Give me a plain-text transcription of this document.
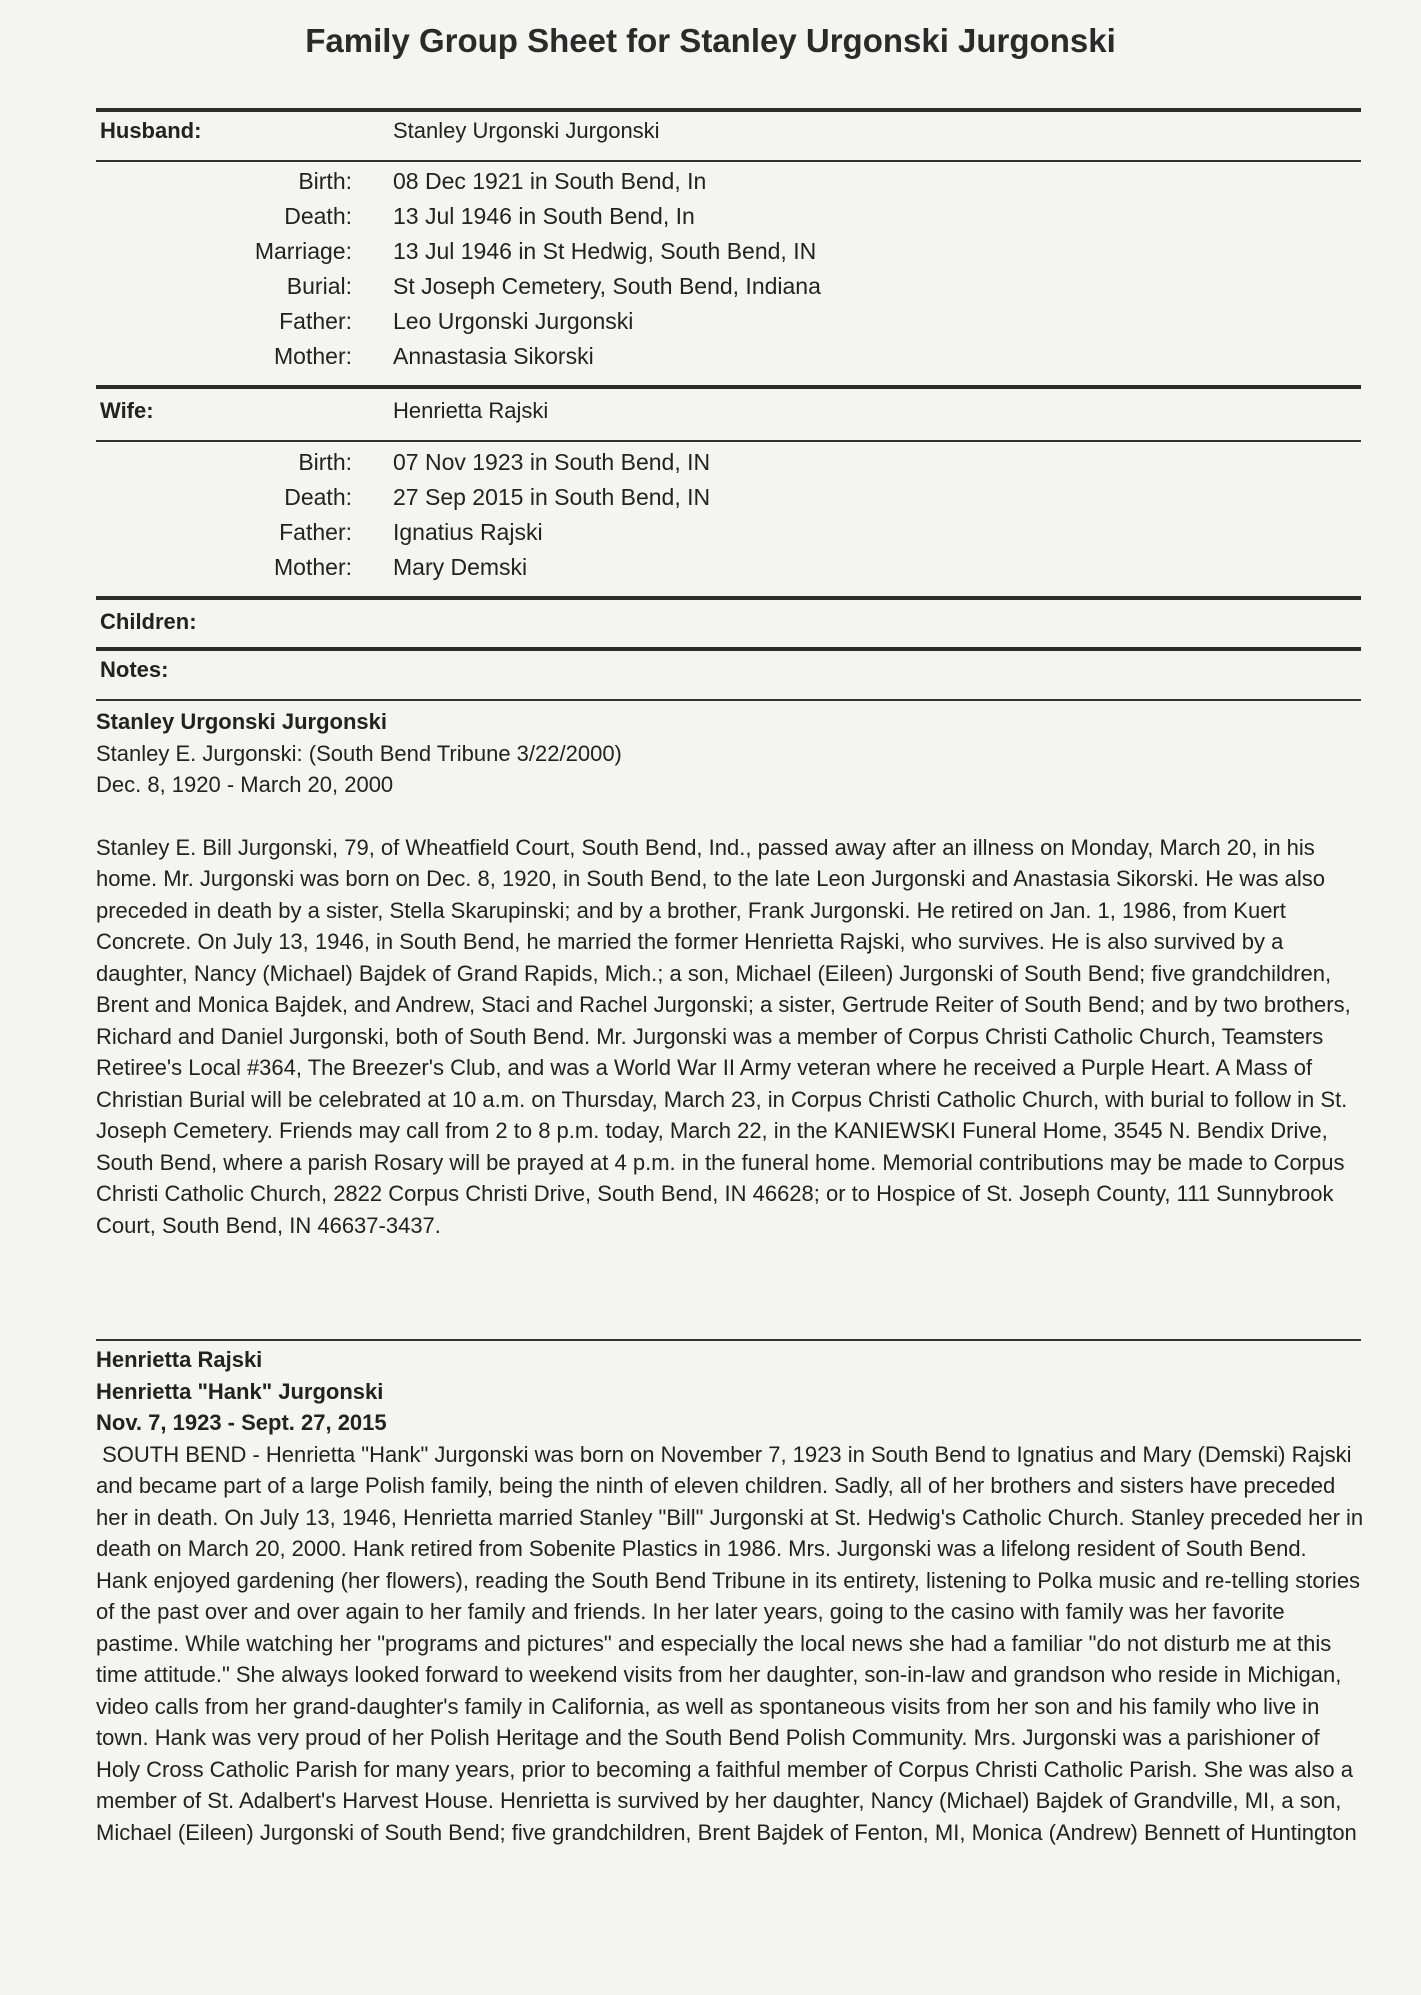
Family Group Sheet for Stanley Urgonski Jurgonski
Husband:	Stanley Urgonski Jurgonski
Birth: 08 Dec 1921 in South Bend, In
Death: 13 Jul 1946 in South Bend, In
Marriage: 13 Jul 1946 in St Hedwig, South Bend, IN
Burial: St Joseph Cemetery, South Bend, Indiana
Father: Leo Urgonski Jurgonski
Mother: Annastasia Sikorski
Wife:	Henrietta Rajski
Birth: 07 Nov 1923 in South Bend, IN
Death: 27 Sep 2015 in South Bend, IN
Father: Ignatius Rajski
Mother: Mary Demski
Children:
Notes:
Stanley Urgonski Jurgonski
Stanley E. Jurgonski: (South Bend Tribune 3/22/2000)
Dec. 8, 1920 - March 20, 2000

Stanley E. Bill Jurgonski, 79, of Wheatfield Court, South Bend, Ind., passed away after an illness on Monday, March 20, in his home. Mr. Jurgonski was born on Dec. 8, 1920, in South Bend, to the late Leon Jurgonski and Anastasia Sikorski. He was also preceded in death by a sister, Stella Skarupinski; and by a brother, Frank Jurgonski. He retired on Jan. 1, 1986, from Kuert Concrete. On July 13, 1946, in South Bend, he married the former Henrietta Rajski, who survives. He is also survived by a daughter, Nancy (Michael) Bajdek of Grand Rapids, Mich.; a son, Michael (Eileen) Jurgonski of South Bend; five grandchildren, Brent and Monica Bajdek, and Andrew, Staci and Rachel Jurgonski; a sister, Gertrude Reiter of South Bend; and by two brothers, Richard and Daniel Jurgonski, both of South Bend. Mr. Jurgonski was a member of Corpus Christi Catholic Church, Teamsters Retiree's Local #364, The Breezer's Club, and was a World War II Army veteran where he received a Purple Heart. A Mass of Christian Burial will be celebrated at 10 a.m. on Thursday, March 23, in Corpus Christi Catholic Church, with burial to follow in St. Joseph Cemetery. Friends may call from 2 to 8 p.m. today, March 22, in the KANIEWSKI Funeral Home, 3545 N. Bendix Drive, South Bend, where a parish Rosary will be prayed at 4 p.m. in the funeral home. Memorial contributions may be made to Corpus Christi Catholic Church, 2822 Corpus Christi Drive, South Bend, IN 46628; or to Hospice of St. Joseph County, 111 Sunnybrook Court, South Bend, IN 46637-3437.

Henrietta Rajski
Henrietta "Hank" Jurgonski
Nov. 7, 1923 - Sept. 27, 2015

SOUTH BEND - Henrietta "Hank" Jurgonski was born on November 7, 1923 in South Bend to Ignatius and Mary (Demski) Rajski and became part of a large Polish family, being the ninth of eleven children. Sadly, all of her brothers and sisters have preceded her in death. On July 13, 1946, Henrietta married Stanley "Bill" Jurgonski at St. Hedwig's Catholic Church. Stanley preceded her in death on March 20, 2000. Hank retired from Sobenite Plastics in 1986. Mrs. Jurgonski was a lifelong resident of South Bend. Hank enjoyed gardening (her flowers), reading the South Bend Tribune in its entirety, listening to Polka music and re-telling stories of the past over and over again to her family and friends. In her later years, going to the casino with family was her favorite pastime. While watching her "programs and pictures" and especially the local news she had a familiar "do not disturb me at this time attitude." She always looked forward to weekend visits from her daughter, son-in-law and grandson who reside in Michigan, video calls from her grand-daughter's family in California, as well as spontaneous visits from her son and his family who live in town. Hank was very proud of her Polish Heritage and the South Bend Polish Community. Mrs. Jurgonski was a parishioner of Holy Cross Catholic Parish for many years, prior to becoming a faithful member of Corpus Christi Catholic Parish. She was also a member of St. Adalbert's Harvest House. Henrietta is survived by her daughter, Nancy (Michael) Bajdek of Grandville, MI, a son, Michael (Eileen) Jurgonski of South Bend; five grandchildren, Brent Bajdek of Fenton, MI, Monica (Andrew) Bennett of Huntington
